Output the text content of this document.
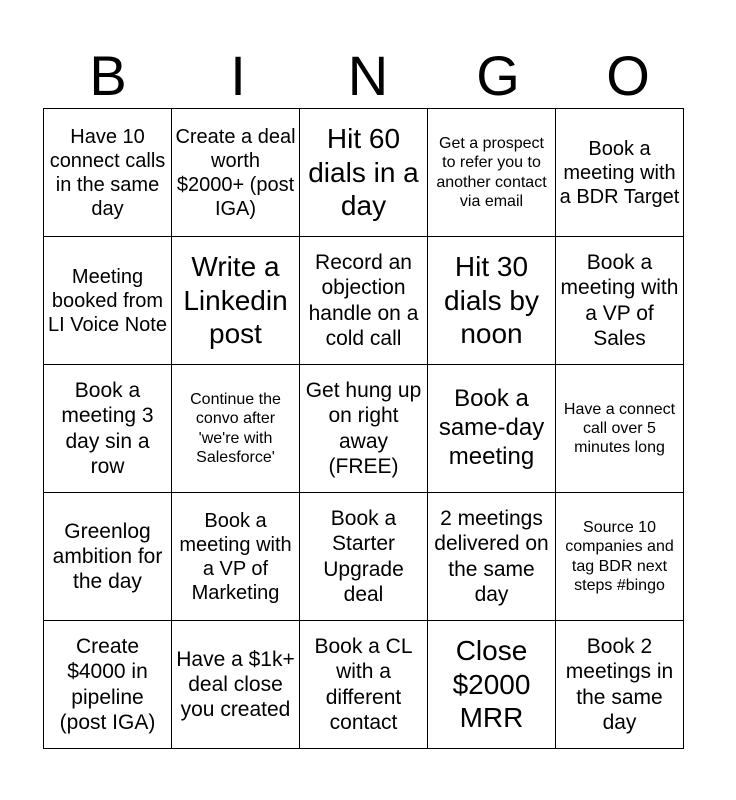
B	I	N	G	O
Have 10 connect calls in the same day	Create a deal worth $2000+ (post IGA)	Hit 60 dials in a day	Get a prospect to refer you to another contact via email	Book a meeting with a BDR Target
Meeting booked from LI Voice Note	Write a Linkedin post	Record an objection handle on a cold call	Hit 30 dials by noon	Book a meeting with a VP of Sales
Book a meeting 3 day sin a row	Continue the convo after 'we're with Salesforce'	Get hung up on right away (FREE)	Book a same-day meeting	Have a connect call over 5 minutes long
Greenlog ambition for the day	Book a meeting with a VP of Marketing	Book a Starter Upgrade deal	2 meetings delivered on the same day	Source 10 companies and tag BDR next steps #bingo
Create $4000 in pipeline (post IGA)	Have a $1k+ deal close you created	Book a CL with a different contact	Close $2000 MRR	Book 2 meetings in the same day
